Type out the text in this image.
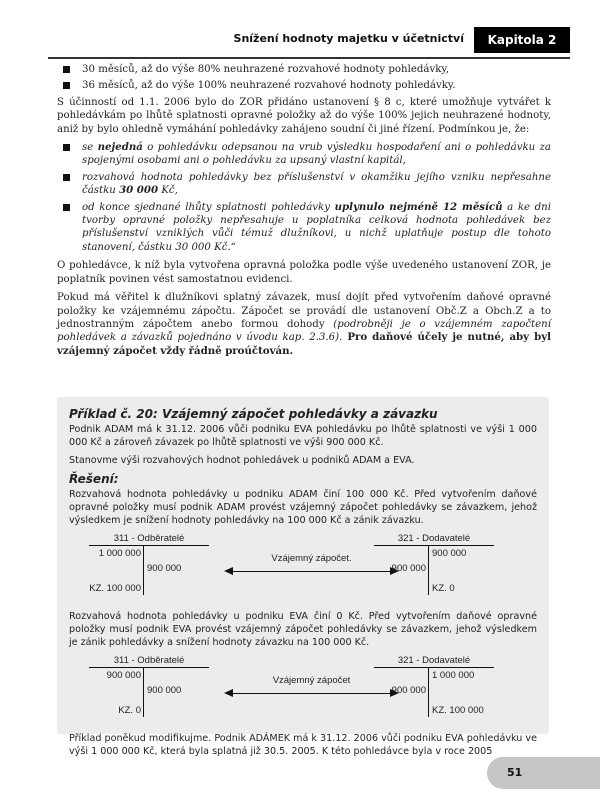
Snížení hodnoty majetku v účetnictví	Kapitola 2
30 měsíců, až do výše 80% neuhrazené rozvahové hodnoty pohledávky,
36 měsíců, až do výše 100% neuhrazené rozvahové hodnoty pohledávky.

S účinností od 1.1. 2006 bylo do ZOR přidáno ustanovení § 8 c, které umožňuje vytvářet k pohledávkám po lhůtě splatnosti opravné položky až do výše 100% jejich neuhrazené hodnoty, aniž by bylo ohledně vymáhání pohledávky zahájeno soudní či jiné řízení. Podmínkou je, že:

se nejedná o pohledávku odepsanou na vrub výsledku hospodaření ani o pohledávku za spojenými osobami ani o pohledávku za upsaný vlastní kapitál,
rozvahová hodnota pohledávky bez příslušenství v okamžiku jejího vzniku nepřesahne částku 30 000 Kč,
od konce sjednané lhůty splatnosti pohledávky uplynulo nejméně 12 měsíců a ke dni tvorby opravné položky nepřesahuje u poplatníka celková hodnota pohledávek bez příslušenství vzniklých vůči témuž dlužníkovi, u nichž uplatňuje postup dle tohoto stanovení, částku 30 000 Kč.“

O pohledávce, k níž byla vytvořena opravná položka podle výše uvedeného ustanovení ZOR, je poplatník povinen vést samostatnou evidenci.

Pokud má věřitel k dlužníkovi splatný závazek, musí dojít před vytvořením daňové opravné položky ke vzájemnému zápočtu. Zápočet se provádí dle ustanovení Obč.Z a Obch.Z a to jednostranným zápočtem anebo formou dohody (podrobněji je o vzájemném započtení pohledávek a závazků pojednáno v úvodu kap. 2.3.6). Pro daňové účely je nutné, aby byl vzájemný zápočet vždy řádně proúčtován.

Příklad č. 20: Vzájemný zápočet pohledávky a závazku

Podnik ADAM má k 31.12. 2006 vůči podniku EVA pohledávku po lhůtě splatnosti ve výši 1 000 000 Kč a zároveň závazek po lhůtě splatnosti ve výši 900 000 Kč.

Stanovme výši rozvahových hodnot pohledávek u podniků ADAM a EVA.

Řešení:

Rozvahová hodnota pohledávky u podniku ADAM činí 100 000 Kč. Před vytvořením daňové opravné položky musí podnik ADAM provést vzájemný zápočet pohledávky se závazkem, jehož výsledkem je snížení hodnoty pohledávky na 100 000 Kč a zánik závazku.

311 - Odběratelé
1 000 000
900 000
KZ. 100 000
Vzájemný zápočet.
321 - Dodavatelé
900 000
900 000
KZ. 0

Rozvahová hodnota pohledávky u podniku EVA činí 0 Kč. Před vytvořením daňové opravné položky musí podnik EVA provést vzájemný zápočet pohledávky se závazkem, jehož výsledkem je zánik pohledávky a snížení hodnoty závazku na 100 000 Kč.

311 - Odběratelé
900 000
900 000
KZ. 0
Vzájemný zápočet
321 - Dodavatelé
1 000 000
900 000
KZ. 100 000

Příklad poněkud modifikujme. Podnik ADÁMEK má k 31.12. 2006 vůči podniku EVA pohledávku ve výši 1 000 000 Kč, která byla splatná již 30.5. 2005. K této pohledávce byla v roce 2005

51
